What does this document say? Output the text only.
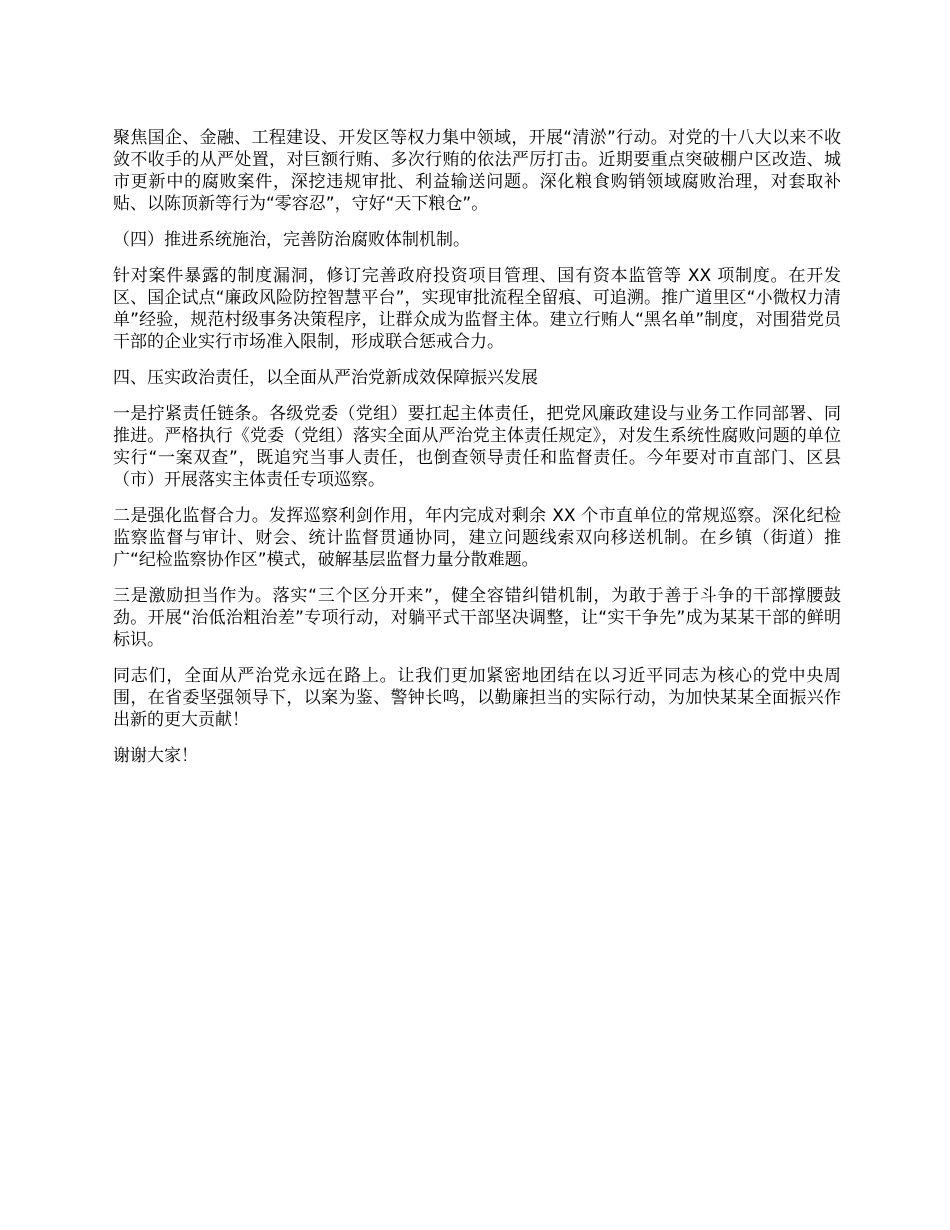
聚焦国企、金融、工程建设、开发区等权力集中领域，开展“清淤”行动。对党的十八大以来不收敛不收手的从严处置，对巨额行贿、多次行贿的依法严厉打击。近期要重点突破棚户区改造、城市更新中的腐败案件，深挖违规审批、利益输送问题。深化粮食购销领域腐败治理，对套取补贴、以陈顶新等行为“零容忍”，守好“天下粮仓”。

（四）推进系统施治，完善防治腐败体制机制。

针对案件暴露的制度漏洞，修订完善政府投资项目管理、国有资本监管等 XX 项制度。在开发区、国企试点“廉政风险防控智慧平台”，实现审批流程全留痕、可追溯。推广道里区“小微权力清单”经验，规范村级事务决策程序，让群众成为监督主体。建立行贿人“黑名单”制度，对围猎党员干部的企业实行市场准入限制，形成联合惩戒合力。

四、压实政治责任，以全面从严治党新成效保障振兴发展

一是拧紧责任链条。各级党委（党组）要扛起主体责任，把党风廉政建设与业务工作同部署、同推进。严格执行《党委（党组）落实全面从严治党主体责任规定》，对发生系统性腐败问题的单位实行“一案双查”，既追究当事人责任，也倒查领导责任和监督责任。今年要对市直部门、区县（市）开展落实主体责任专项巡察。

二是强化监督合力。发挥巡察利剑作用，年内完成对剩余 XX 个市直单位的常规巡察。深化纪检监察监督与审计、财会、统计监督贯通协同，建立问题线索双向移送机制。在乡镇（街道）推广“纪检监察协作区”模式，破解基层监督力量分散难题。

三是激励担当作为。落实“三个区分开来”，健全容错纠错机制，为敢于善于斗争的干部撑腰鼓劲。开展“治低治粗治差”专项行动，对躺平式干部坚决调整，让“实干争先”成为某某干部的鲜明标识。

同志们，全面从严治党永远在路上。让我们更加紧密地团结在以习近平同志为核心的党中央周围，在省委坚强领导下，以案为鉴、警钟长鸣，以勤廉担当的实际行动，为加快某某全面振兴作出新的更大贡献！

谢谢大家！
